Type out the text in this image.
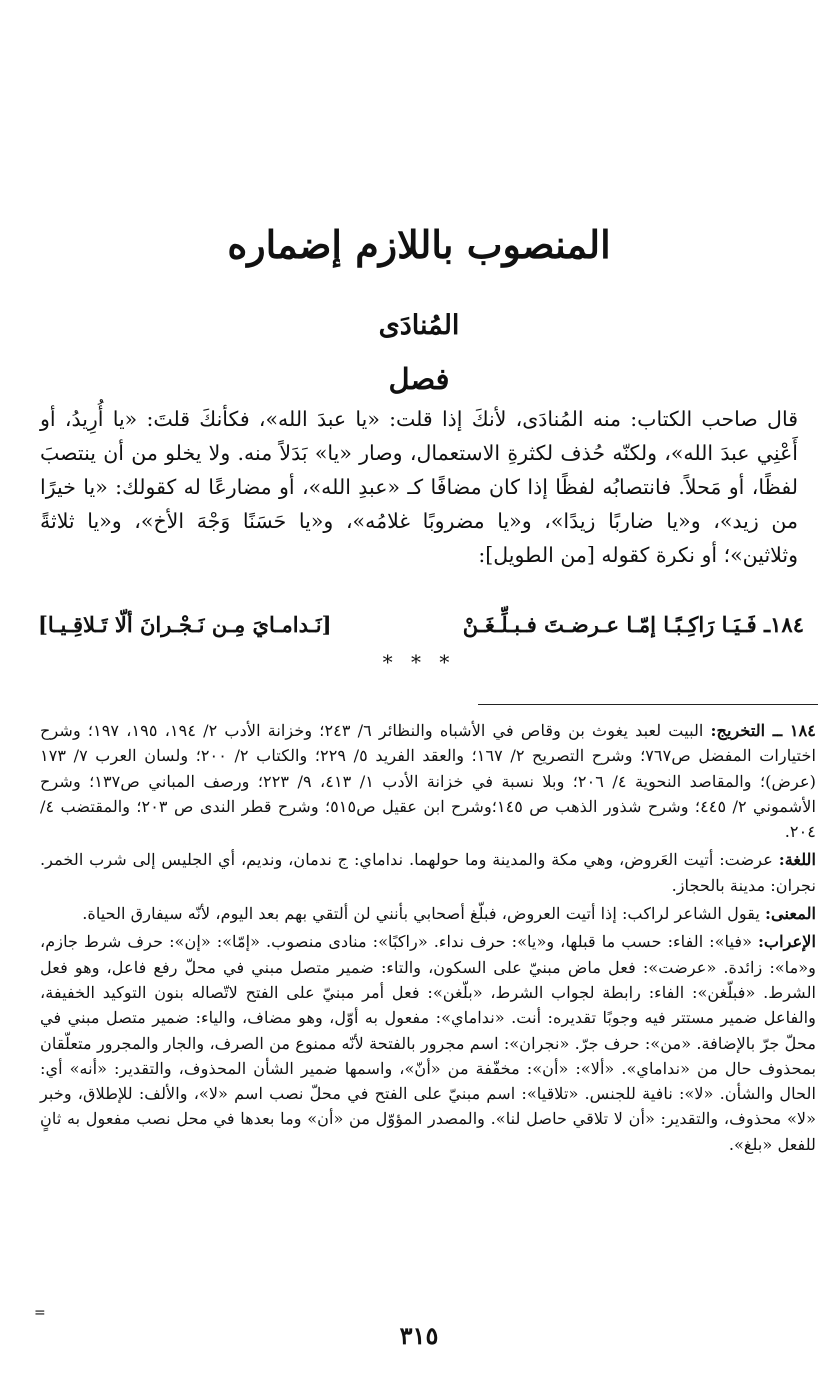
المنصوب باللازم إضماره
المُنادَى
فصل

قال صاحب الكتاب: منه المُنادَى، لأنكَ إذا قلت: «يا عبدَ الله»، فكأنكَ قلتَ: «يا أُرِيدُ، أو أَعْنِي عبدَ الله»، ولكنّه حُذف لكثرةِ الاستعمال، وصار «يا» بَدَلاً منه. ولا يخلو من أن ينتصبَ لفظًا، أو مَحلاً. فانتصابُه لفظًا إذا كان مضافًا كـ «عبدِ الله»، أو مضارعًا له كقولك: «يا خيرًا من زيد»، و«يا ضاربًا زيدًا»، و«يا مضروبًا غلامُه»، و«يا حَسَنًا وَجْهَ الأخ»، و«يا ثلاثةً وثلاثين»؛ أو نكرة كقوله [من الطويل]:

١٨٤ـ فَـيَـا رَاكِـبًـا إمّـا عـرضـتَ فـبـلِّـغَـنْ
[نَـدامـايَ مِـن نَـجْـرانَ ألّا تَـلاقِـيـا]
* * *

١٨٤ ــ التخريج: البيت لعبد يغوث بن وقاص في الأشباه والنظائر ٦/ ٢٤٣؛ وخزانة الأدب ٢/ ١٩٤، ١٩٥، ١٩٧؛ وشرح اختيارات المفضل ص٧٦٧؛ وشرح التصريح ٢/ ١٦٧؛ والعقد الفريد ٥/ ٢٢٩؛ والكتاب ٢/ ٢٠٠؛ ولسان العرب ٧/ ١٧٣ (عرض)؛ والمقاصد النحوية ٤/ ٢٠٦؛ وبلا نسبة في خزانة الأدب ١/ ٤١٣، ٩/ ٢٢٣؛ ورصف المباني ص١٣٧؛ وشرح الأشموني ٢/ ٤٤٥؛ وشرح شذور الذهب ص ١٤٥؛وشرح ابن عقيل ص٥١٥؛ وشرح قطر الندى ص ٢٠٣؛ والمقتضب ٤/ ٢٠٤.

اللغة: عرضت: أتيت العَروض، وهي مكة والمدينة وما حولهما. نداماي: ج ندمان، ونديم، أي الجليس إلى شرب الخمر. نجران: مدينة بالحجاز.

المعنى: يقول الشاعر لراكب: إذا أتيت العروض، فبلّغ أصحابي بأنني لن ألتقي بهم بعد اليوم، لأنّه سيفارق الحياة.

الإعراب: «فيا»: الفاء: حسب ما قبلها، و«يا»: حرف نداء. «راكبًا»: منادى منصوب. «إمّا»: «إن»: حرف شرط جازم، و«ما»: زائدة. «عرضت»: فعل ماض مبنيّ على السكون، والتاء: ضمير متصل مبني في محلّ رفع فاعل، وهو فعل الشرط. «فبلّغن»: الفاء: رابطة لجواب الشرط، «بلّغن»: فعل أمر مبنيّ على الفتح لاتّصاله بنون التوكيد الخفيفة، والفاعل ضمير مستتر فيه وجوبًا تقديره: أنت. «نداماي»: مفعول به أوّل، وهو مضاف، والياء: ضمير متصل مبني في محلّ جرّ بالإضافة. «من»: حرف جرّ. «نجران»: اسم مجرور بالفتحة لأنّه ممنوع من الصرف، والجار والمجرور متعلّقان بمحذوف حال من «نداماي». «ألا»: «أن»: مخفّفة من «أنّ»، واسمها ضمير الشأن المحذوف، والتقدير: «أنه» أي: الحال والشأن. «لا»: نافية للجنس. «تلاقيا»: اسم مبنيّ على الفتح في محلّ نصب اسم «لا»، والألف: للإطلاق، وخبر «لا» محذوف، والتقدير: «أن لا تلاقي حاصل لنا». والمصدر المؤوّل من «أن» وما بعدها في محل نصب مفعول به ثانٍ للفعل «بلغ».

=
٣١٥
